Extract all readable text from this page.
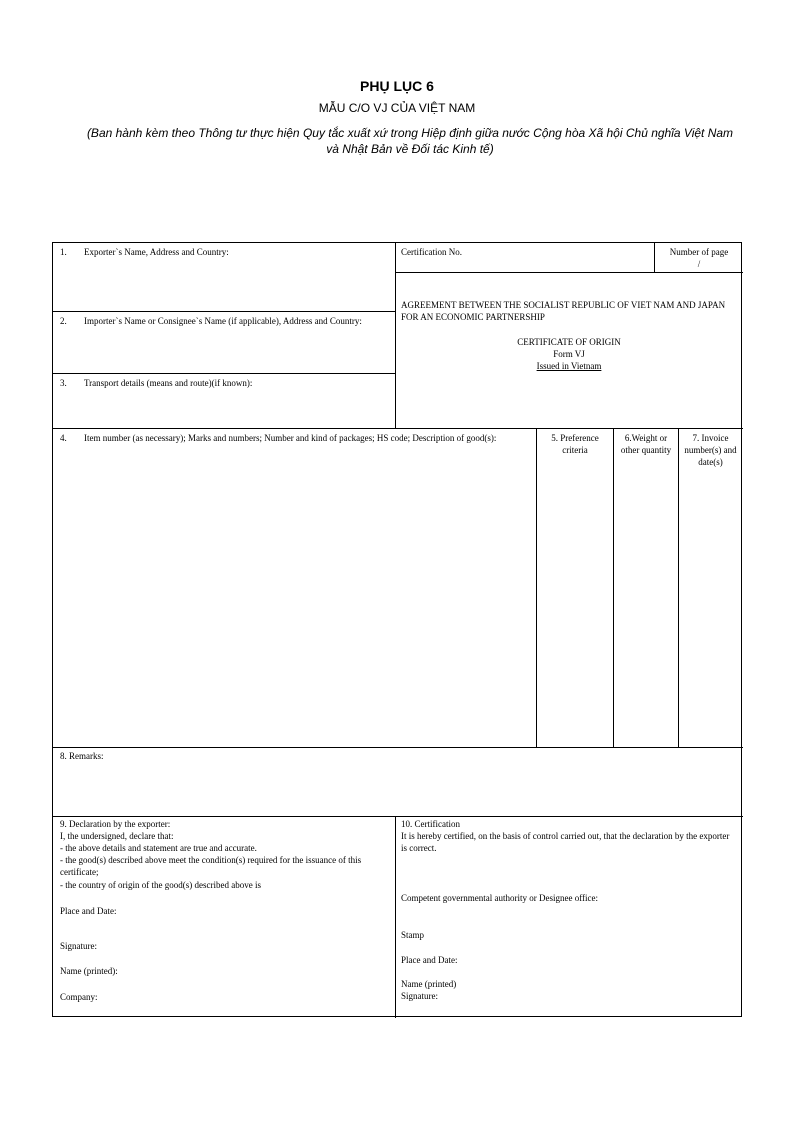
PHỤ LỤC 6
MẪU C/O VJ CỦA VIỆT NAM
(Ban hành kèm theo Thông tư thực hiện Quy tắc xuất xứ trong Hiệp định giữa nước Cộng hòa Xã hội Chủ nghĩa Việt Nam và Nhật Bản về Đối tác Kinh tế)
1. Exporter`s Name, Address and Country:
2. Importer`s Name or Consignee`s Name (if applicable), Address and Country:
3. Transport details (means and route)(if known):
Certification No.	Number of page
/
AGREEMENT BETWEEN THE SOCIALIST REPUBLIC OF VIET NAM AND JAPAN FOR AN ECONOMIC PARTNERSHIP
CERTIFICATE OF ORIGIN
Form VJ
Issued in Vietnam
4. Item number (as necessary); Marks and numbers; Number and kind of packages; HS code; Description of good(s):	5. Preference criteria
6.Weight or other quantity
7. Invoice number(s) and date(s)
8. Remarks:
9. Declaration by the exporter:
I, the undersigned, declare that:
- the above details and statement are true and accurate.
- the good(s) described above meet the condition(s) required for the issuance of this certificate;
- the country of origin of the good(s) described above is
Place and Date:
Signature:
Name (printed):
Company:
10. Certification
It is hereby certified, on the basis of control carried out, that the declaration by the exporter is correct.
Competent governmental authority or Designee office:
Stamp
Place and Date:
Name (printed)
Signature:
